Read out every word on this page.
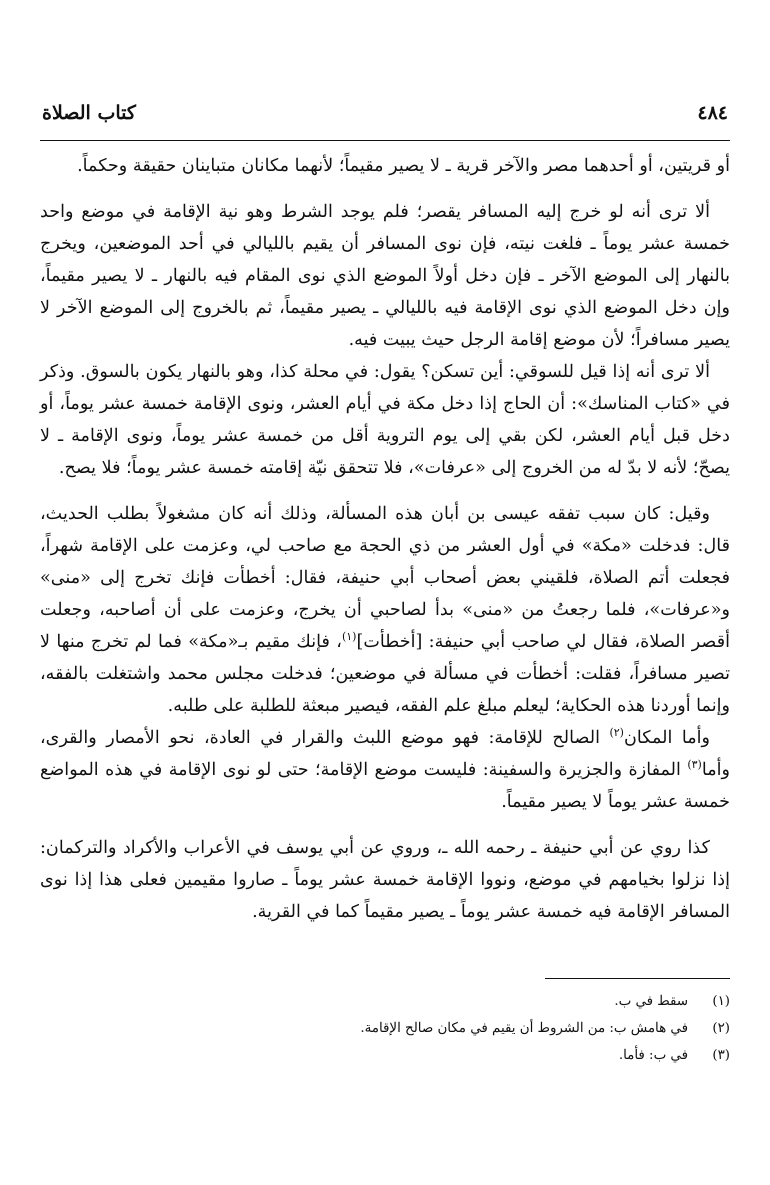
كتاب الصلاة	٤٨٤

أو قريتين، أو أحدهما مصر والآخر قرية ـ لا يصير مقيماً؛ لأنهما مكانان متباينان حقيقة وحكماً.

ألا ترى أنه لو خرج إليه المسافر يقصر؛ فلم يوجد الشرط وهو نية الإقامة في موضع واحد خمسة عشر يوماً ـ فلغت نيته، فإن نوى المسافر أن يقيم بالليالي في أحد الموضعين، ويخرج بالنهار إلى الموضع الآخر ـ فإن دخل أولاً الموضع الذي نوى المقام فيه بالنهار ـ لا يصير مقيماً، وإن دخل الموضع الذي نوى الإقامة فيه بالليالي ـ يصير مقيماً، ثم بالخروج إلى الموضع الآخر لا يصير مسافراً؛ لأن موضع إقامة الرجل حيث يبيت فيه.

ألا ترى أنه إذا قيل للسوقي: أين تسكن؟ يقول: في محلة كذا، وهو بالنهار يكون بالسوق. وذكر في «كتاب المناسك»: أن الحاج إذا دخل مكة في أيام العشر، ونوى الإقامة خمسة عشر يوماً، أو دخل قبل أيام العشر، لكن بقي إلى يوم التروية أقل من خمسة عشر يوماً، ونوى الإقامة ـ لا يصحّ؛ لأنه لا بدّ له من الخروج إلى «عرفات»، فلا تتحقق نيّة إقامته خمسة عشر يوماً؛ فلا يصح.

وقيل: كان سبب تفقه عيسى بن أبان هذه المسألة، وذلك أنه كان مشغولاً بطلب الحديث، قال: فدخلت «مكة» في أول العشر من ذي الحجة مع صاحب لي، وعزمت على الإقامة شهراً، فجعلت أتم الصلاة، فلقيني بعض أصحاب أبي حنيفة، فقال: أخطأت فإنك تخرج إلى «منى» و«عرفات»، فلما رجعتُ من «منى» بدأ لصاحبي أن يخرج، وعزمت على أن أصاحبه، وجعلت أقصر الصلاة، فقال لي صاحب أبي حنيفة: [أخطأت]$^{(١)}$، فإنك مقيم بـ«مكة» فما لم تخرج منها لا تصير مسافراً، فقلت: أخطأت في مسألة في موضعين؛ فدخلت مجلس محمد واشتغلت بالفقه، وإنما أوردنا هذه الحكاية؛ ليعلم مبلغ علم الفقه، فيصير مبعثة للطلبة على طلبه.

وأما المكان$^{(٢)}$ الصالح للإقامة: فهو موضع اللبث والقرار في العادة، نحو الأمصار والقرى، وأما$^{(٣)}$ المفازة والجزيرة والسفينة: فليست موضع الإقامة؛ حتى لو نوى الإقامة في هذه المواضع خمسة عشر يوماً لا يصير مقيماً.

كذا روي عن أبي حنيفة ـ رحمه الله ـ، وروي عن أبي يوسف في الأعراب والأكراد والتركمان: إذا نزلوا بخيامهم في موضع، ونووا الإقامة خمسة عشر يوماً ـ صاروا مقيمين فعلى هذا إذا نوى المسافر الإقامة فيه خمسة عشر يوماً ـ يصير مقيماً كما في القرية.

(١)
سقط في ب.
(٢)
في هامش ب: من الشروط أن يقيم في مكان صالح الإقامة.
(٣)
في ب: فأما.
